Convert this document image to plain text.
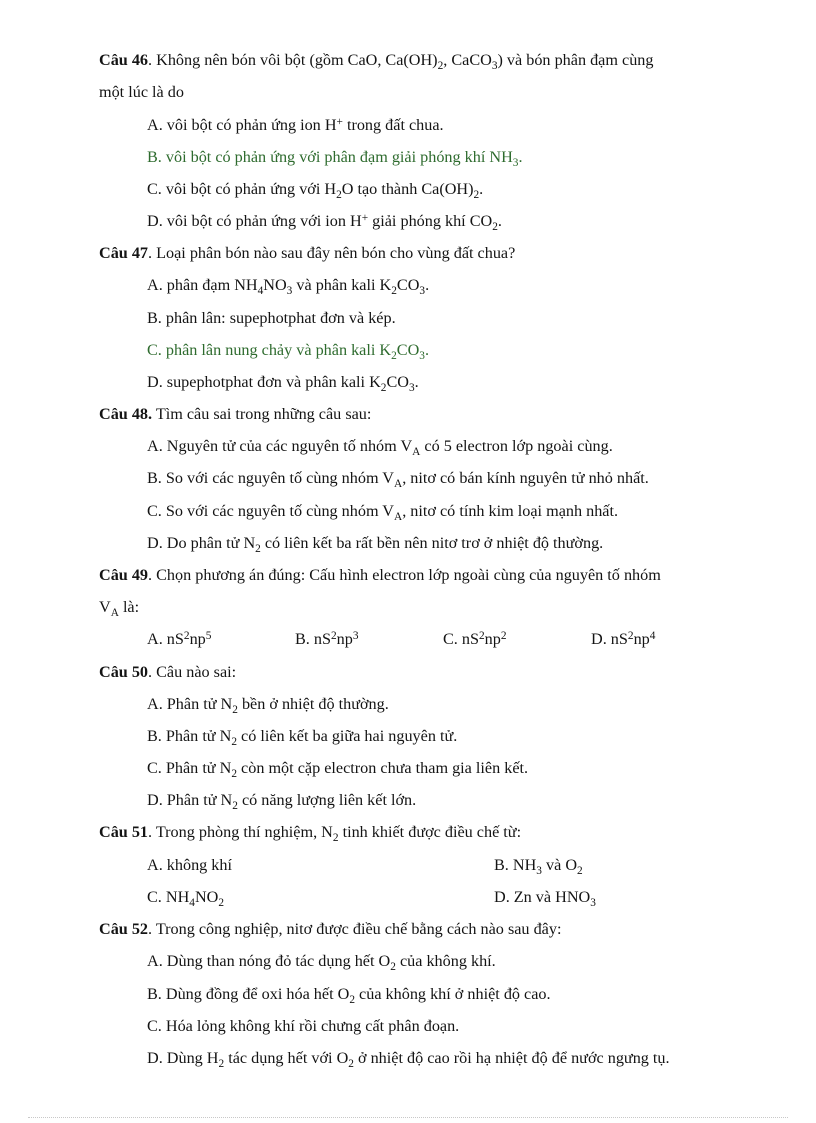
Câu 46. Không nên bón vôi bột (gồm CaO, $Ca(OH)_2$, CaCO$_3$) và bón phân đạm cùng
một lúc là do
A. vôi bột có phản ứng ion H+ trong đất chua.
B. vôi bột có phản ứng với phân đạm giải phóng khí $NH_3$.
C. vôi bột có phản ứng với $H_2O$ tạo thành $Ca(OH)_2$.
D. vôi bột có phản ứng với ion H+ giải phóng khí $CO_2$.
Câu 47. Loại phân bón nào sau đây nên bón cho vùng đất chua?
A. phân đạm $NH_4NO_3$ và phân kali $K_2CO_3$.
B. phân lân: supephotphat đơn và kép.
C. phân lân nung chảy và phân kali $K_2CO_3$.
D. supephotphat đơn và phân kali $K_2CO_3$.
Câu 48. Tìm câu sai trong những câu sau:
A. Nguyên tử của các nguyên tố nhóm $V_A$ có 5 electron lớp ngoài cùng.
B. So với các nguyên tố cùng nhóm $V_A$, nitơ có bán kính nguyên tử nhỏ nhất.
C. So với các nguyên tố cùng nhóm $V_A$, nitơ có tính kim loại mạnh nhất.
D. Do phân tử $N_2$ có liên kết ba rất bền nên nitơ trơ ở nhiệt độ thường.
Câu 49. Chọn phương án đúng: Cấu hình electron lớp ngoài cùng của nguyên tố nhóm
$V_A$ là:
A. $nS^2np^5$	B. $nS^2np^3$	C. $nS^2np^2$	D. $nS^2np^4$
Câu 50. Câu nào sai:
A. Phân tử $N_2$ bền ở nhiệt độ thường.
B. Phân tử $N_2$ có liên kết ba giữa hai nguyên tử.
C. Phân tử $N_2$ còn một cặp electron chưa tham gia liên kết.
D. Phân tử $N_2$ có năng lượng liên kết lớn.
Câu 51. Trong phòng thí nghiệm, $N_2$ tinh khiết được điều chế từ:
A. không khí	B. $NH_3$ và $O_2$
C. $NH_4NO_2$	D. Zn và $HNO_3$
Câu 52. Trong công nghiệp, nitơ được điều chế bằng cách nào sau đây:
A. Dùng than nóng đỏ tác dụng hết $O_2$ của không khí.
B. Dùng đồng để oxi hóa hết $O_2$ của không khí ở nhiệt độ cao.
C. Hóa lỏng không khí rồi chưng cất phân đoạn.
D. Dùng $H_2$ tác dụng hết với $O_2$ ở nhiệt độ cao rồi hạ nhiệt độ để nước ngưng tụ.
